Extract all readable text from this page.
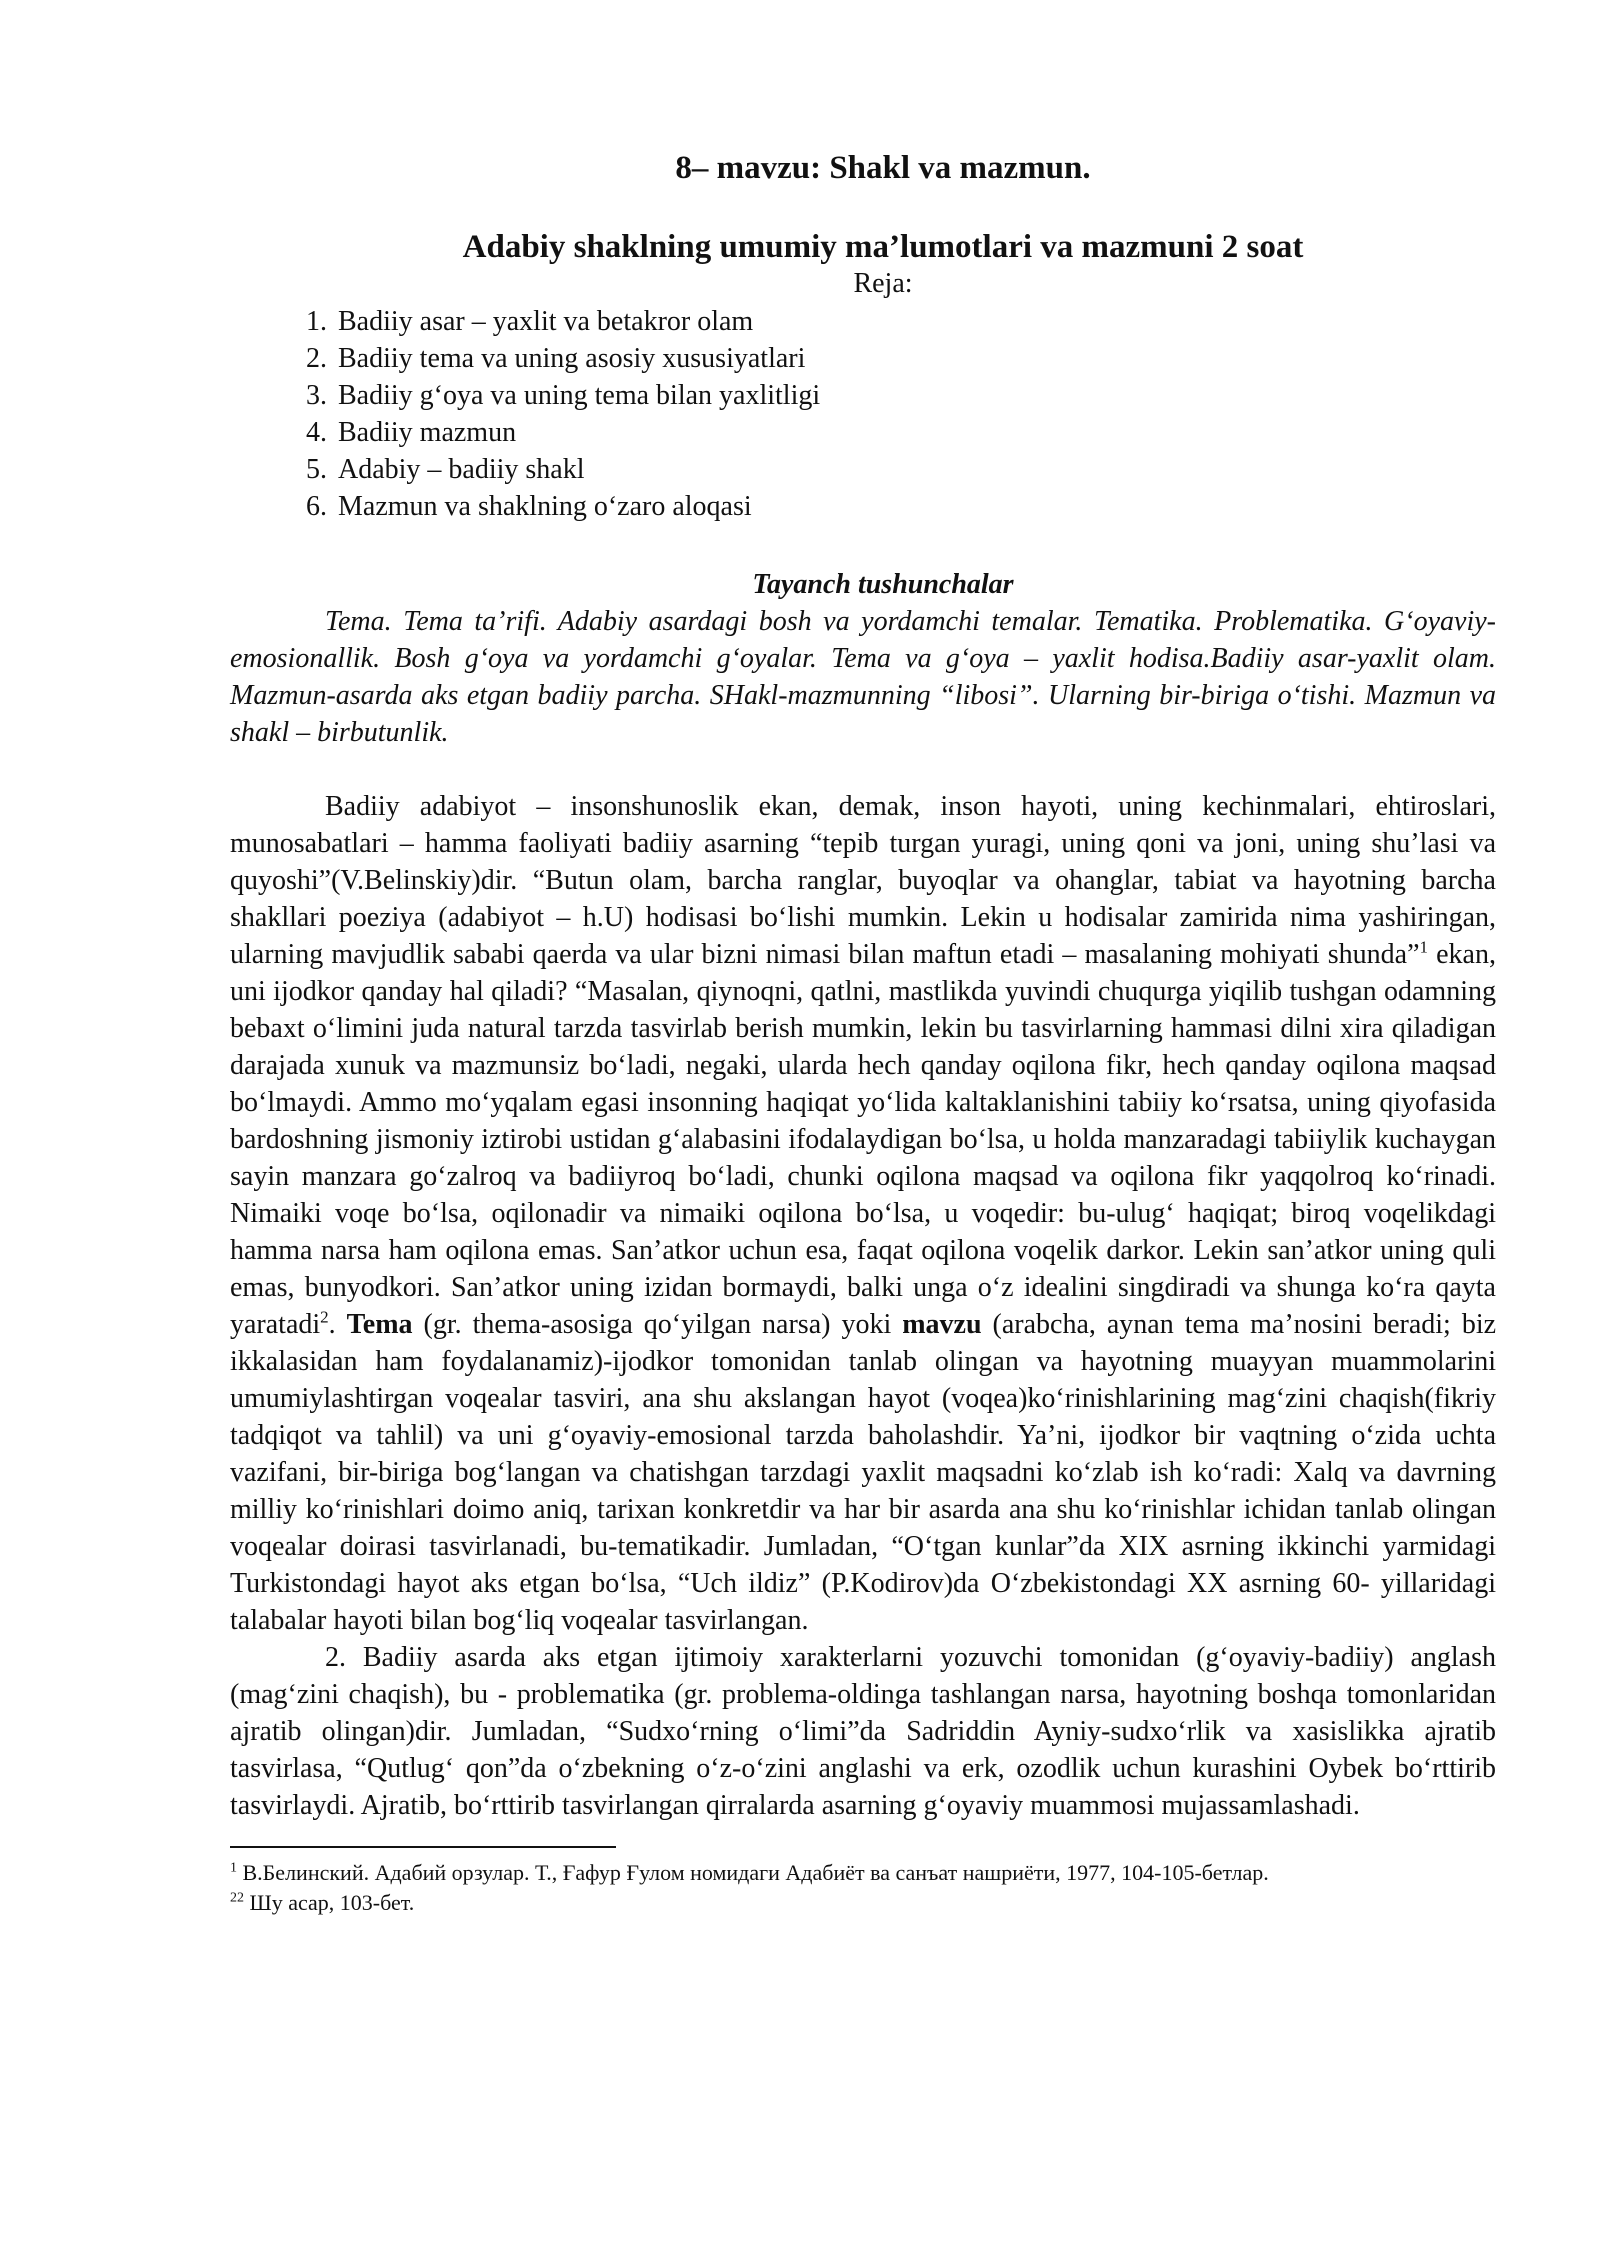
8– mavzu: Shakl va mazmun.
Adabiy shaklning umumiy ma’lumotlari va mazmuni 2 soat
Reja:
1. Badiiy asar – yaxlit va betakror olam
2. Badiiy tema va uning asosiy xususiyatlari
3. Badiiy g‘oya va uning tema bilan yaxlitligi
4. Badiiy mazmun
5. Adabiy – badiiy shakl
6. Mazmun va shaklning o‘zaro aloqasi
Tayanch tushunchalar

Tema. Tema ta’rifi. Adabiy asardagi bosh va yordamchi temalar. Tematika. Problematika. G‘oyaviy-emosionallik. Bosh g‘oya va yordamchi g‘oyalar. Tema va g‘oya – yaxlit hodisa.Badiiy asar-yaxlit olam. Mazmun-asarda aks etgan badiiy parcha. SHakl-mazmunning “libosi”. Ularning bir-biriga o‘tishi. Mazmun va shakl – birbutunlik.

Badiiy adabiyot – insonshunoslik ekan, demak, inson hayoti, uning kechinmalari, ehtiroslari, munosabatlari – hamma faoliyati badiiy asarning “tepib turgan yuragi, uning qoni va joni, uning shu’lasi va quyoshi”(V.Belinskiy)dir. “Butun olam, barcha ranglar, buyoqlar va ohanglar, tabiat va hayotning barcha shakllari poeziya (adabiyot – h.U) hodisasi bo‘lishi mumkin. Lekin u hodisalar zamirida nima yashiringan, ularning mavjudlik sababi qaerda va ular bizni nimasi bilan maftun etadi – masalaning mohiyati shunda”$^1$ ekan, uni ijodkor qanday hal qiladi? “Masalan, qiynoqni, qatlni, mastlikda yuvindi chuqurga yiqilib tushgan odamning bebaxt o‘limini juda natural tarzda tasvirlab berish mumkin, lekin bu tasvirlarning hammasi dilni xira qiladigan darajada xunuk va mazmunsiz bo‘ladi, negaki, ularda hech qanday oqilona fikr, hech qanday oqilona maqsad bo‘lmaydi. Ammo mo‘yqalam egasi insonning haqiqat yo‘lida kaltaklanishini tabiiy ko‘rsatsa, uning qiyofasida bardoshning jismoniy iztirobi ustidan g‘alabasini ifodalaydigan bo‘lsa, u holda manzaradagi tabiiylik kuchaygan sayin manzara go‘zalroq va badiiyroq bo‘ladi, chunki oqilona maqsad va oqilona fikr yaqqolroq ko‘rinadi. Nimaiki voqe bo‘lsa, oqilonadir va nimaiki oqilona bo‘lsa, u voqedir: bu-ulug‘ haqiqat; biroq voqelikdagi hamma narsa ham oqilona emas. San’atkor uchun esa, faqat oqilona voqelik darkor. Lekin san’atkor uning quli emas, bunyodkori. San’atkor uning izidan bormaydi, balki unga o‘z idealini singdiradi va shunga ko‘ra qayta yaratadi$^2$. Tema (gr. thema-asosiga qo‘yilgan narsa) yoki mavzu (arabcha, aynan tema ma’nosini beradi; biz ikkalasidan ham foydalanamiz)-ijodkor tomonidan tanlab olingan va hayotning muayyan muammolarini umumiylashtirgan voqealar tasviri, ana shu akslangan hayot (voqea)ko‘rinishlarining mag‘zini chaqish(fikriy tadqiqot va tahlil) va uni g‘oyaviy-emosional tarzda baholashdir. Ya’ni, ijodkor bir vaqtning o‘zida uchta vazifani, bir-biriga bog‘langan va chatishgan tarzdagi yaxlit maqsadni ko‘zlab ish ko‘radi: Xalq va davrning milliy ko‘rinishlari doimo aniq, tarixan konkretdir va har bir asarda ana shu ko‘rinishlar ichidan tanlab olingan voqealar doirasi tasvirlanadi, bu-tematikadir. Jumladan, “O‘tgan kunlar”da XIX asrning ikkinchi yarmidagi Turkistondagi hayot aks etgan bo‘lsa, “Uch ildiz” (P.Kodirov)da O‘zbekistondagi XX asrning 60- yillaridagi talabalar hayoti bilan bog‘liq voqealar tasvirlangan.

2. Badiiy asarda aks etgan ijtimoiy xarakterlarni yozuvchi tomonidan (g‘oyaviy-badiiy) anglash (mag‘zini chaqish), bu - problematika (gr. problema-oldinga tashlangan narsa, hayotning boshqa tomonlaridan ajratib olingan)dir. Jumladan, “Sudxo‘rning o‘limi”da Sadriddin Ayniy-sudxo‘rlik va xasislikka ajratib tasvirlasa, “Qutlug‘ qon”da o‘zbekning o‘z-o‘zini anglashi va erk, ozodlik uchun kurashini Oybek bo‘rttirib tasvirlaydi. Ajratib, bo‘rttirib tasvirlangan qirralarda asarning g‘oyaviy muammosi mujassamlashadi.

$^1$ В.Белинский. Адабий орзулар. Т., Ғафур Ғулом номидаги Адабиёт ва санъат нашриёти, 1977, 104-105-бетлар.

$^{22}$ Шу асар, 103-бет.
